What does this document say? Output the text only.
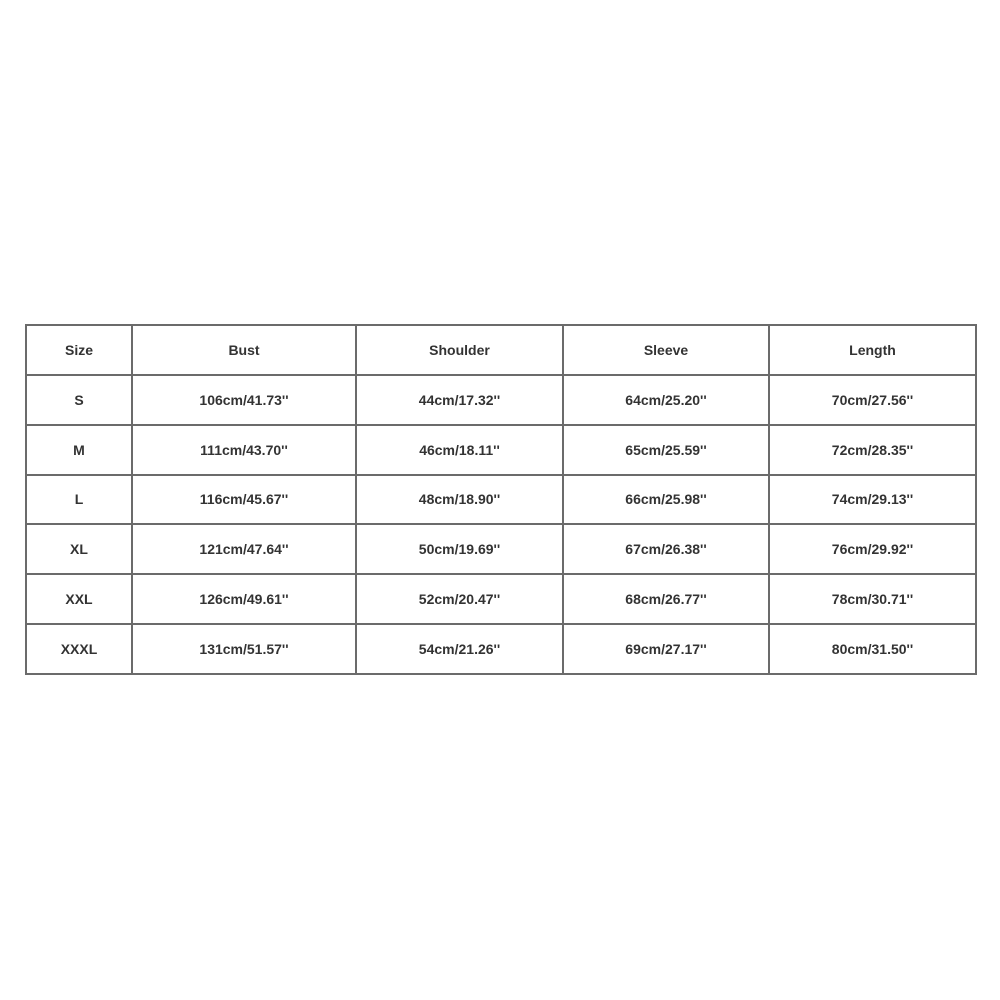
Size	Bust	Shoulder	Sleeve	Length
S	106cm/41.73''	44cm/17.32''	64cm/25.20''	70cm/27.56''
M	111cm/43.70''	46cm/18.11''	65cm/25.59''	72cm/28.35''
L	116cm/45.67''	48cm/18.90''	66cm/25.98''	74cm/29.13''
XL	121cm/47.64''	50cm/19.69''	67cm/26.38''	76cm/29.92''
XXL	126cm/49.61''	52cm/20.47''	68cm/26.77''	78cm/30.71''
XXXL	131cm/51.57''	54cm/21.26''	69cm/27.17''	80cm/31.50''
